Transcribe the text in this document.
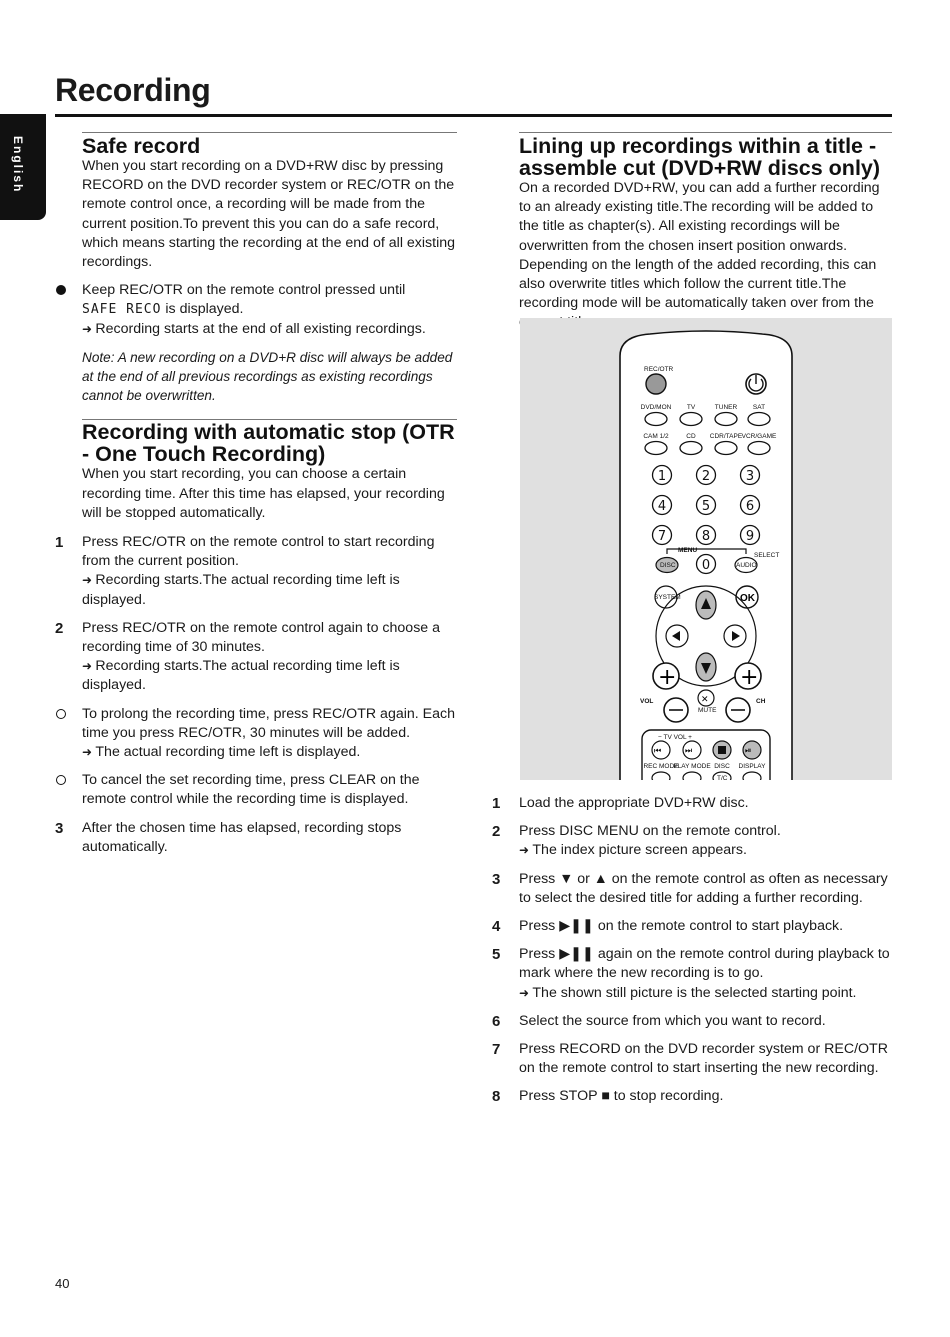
Recording
English	Safe record

When you start recording on a DVD+RW disc by pressing RECORD on the DVD recorder system or REC/OTR on the remote control once, a recording will be made from the current position.To prevent this you can do a safe record, which means starting the recording at the end of all existing recordings.

Keep REC/OTR on the remote control pressed until
SAFE RECO is displayed.
➜ Recording starts at the end of all existing recordings.

Note: A new recording on a DVD+R disc will always be added at the end of all previous recordings as existing recordings cannot be overwritten.

Recording with automatic stop (OTR - One Touch Recording)

When you start recording, you can choose a certain recording time. After this time has elapsed, your recording will be stopped automatically.

1 Press REC/OTR on the remote control to start recording from the current position.
➜ Recording starts.The actual recording time left is displayed.
2 Press REC/OTR on the remote control again to choose a recording time of 30 minutes.
➜ Recording starts.The actual recording time left is displayed.
To prolong the recording time, press REC/OTR again. Each time you press REC/OTR, 30 minutes will be added.
➜ The actual recording time left is displayed.
To cancel the set recording time, press CLEAR on the remote control while the recording time is displayed.
3 After the chosen time has elapsed, recording stops automatically.
Lining up recordings within a title - assemble cut (DVD+RW discs only)

On a recorded DVD+RW, you can add a further recording to an already existing title.The recording will be added to the title as chapter(s). All existing recordings will be overwritten from the chosen insert position onwards. Depending on the length of the added recording, this can also overwrite titles which follow the current title.The recording mode will be automatically taken over from the

REC/OTR
DVD/MON TV	TUNER SAT
CAM 1/2	CD CDR/TAPE VCR/GAME
1	2	3
4	5	6
7	8	9
0
MENU
SELECT
DISC	AUDIO
SYSTEM	OK
+	+
VOL	CH
✕
MUTE
− TV VOL +
⏮	⏭	⏯
REC MODE
PLAY MODE DISC DISPLAY
T/C
1 Load the appropriate DVD+RW disc.
2 Press DISC MENU on the remote control.
➜ The index picture screen appears.
3 Press ▼ or ▲ on the remote control as often as necessary to select the desired title for adding a further recording.
4 Press ▶❚❚ on the remote control to start playback.
5 Press ▶❚❚ again on the remote control during playback to mark where the new recording is to go.
➜ The shown still picture is the selected starting point.
6 Select the source from which you want to record.
7 Press RECORD on the DVD recorder system or REC/OTR on the remote control to start inserting the new recording.
8 Press STOP ■ to stop recording.
40
